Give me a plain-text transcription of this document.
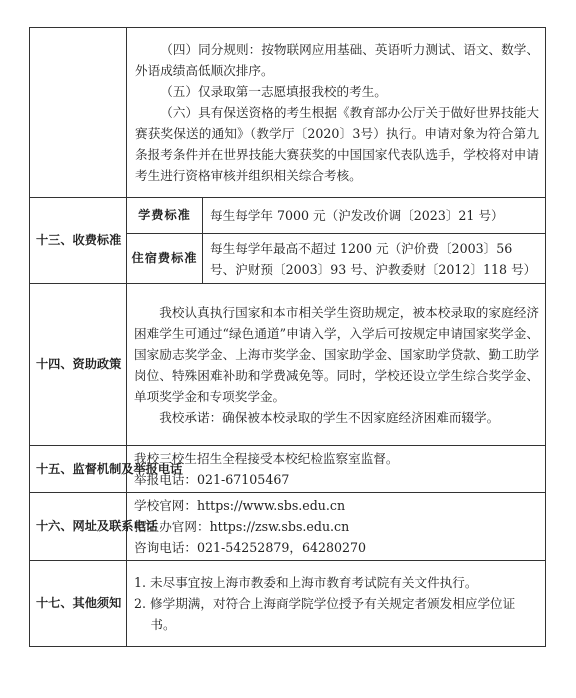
	（四）同分规则：按物联网应用基础、英语听力测试、语文、数学、外语成绩高低顺次排序。

（五）仅录取第一志愿填报我校的考生。

（六）具有保送资格的考生根据《教育部办公厅关于做好世界技能大赛获奖保送的通知》（教学厅〔2020〕3号）执行。申请对象为符合第九条报考条件并在世界技能大赛获奖的中国国家代表队选手，学校将对申请考生进行资格审核并组织相关综合考核。	

十三、收费标准	学费标准	每生每学年 7000 元（沪发改价调〔2023〕21 号）
	住宿费标准	每生每学年最高不超过 1200 元（沪价费〔2003〕56 号、沪财预〔2003〕93 号、沪教委财〔2012〕118 号）
十四、资助政策	我校认真执行国家和本市相关学生资助规定，被本校录取的家庭经济困难学生可通过“绿色通道”申请入学，入学后可按规定申请国家奖学金、国家励志奖学金、上海市奖学金、国家助学金、国家助学贷款、勤工助学岗位、特殊困难补助和学费减免等。同时，学校还设立学生综合奖学金、单项奖学金和专项奖学金。

我校承诺：确保被本校录取的学生不因家庭经济困难而辍学。	

十五、监督机制及举报电话	我校三校生招生全程接受本校纪检监察室监督。

举报电话：021-67105467	

十六、网址及联系电话	学校官网：https://www.sbs.edu.cn

招生办官网：https://zsw.sbs.edu.cn

咨询电话：021-54252879，64280270	

十七、其他须知	1. 未尽事宜按上海市教委和上海市教育考试院有关文件执行。

2. 修学期满，对符合上海商学院学位授予有关规定者颁发相应学位证书。	
